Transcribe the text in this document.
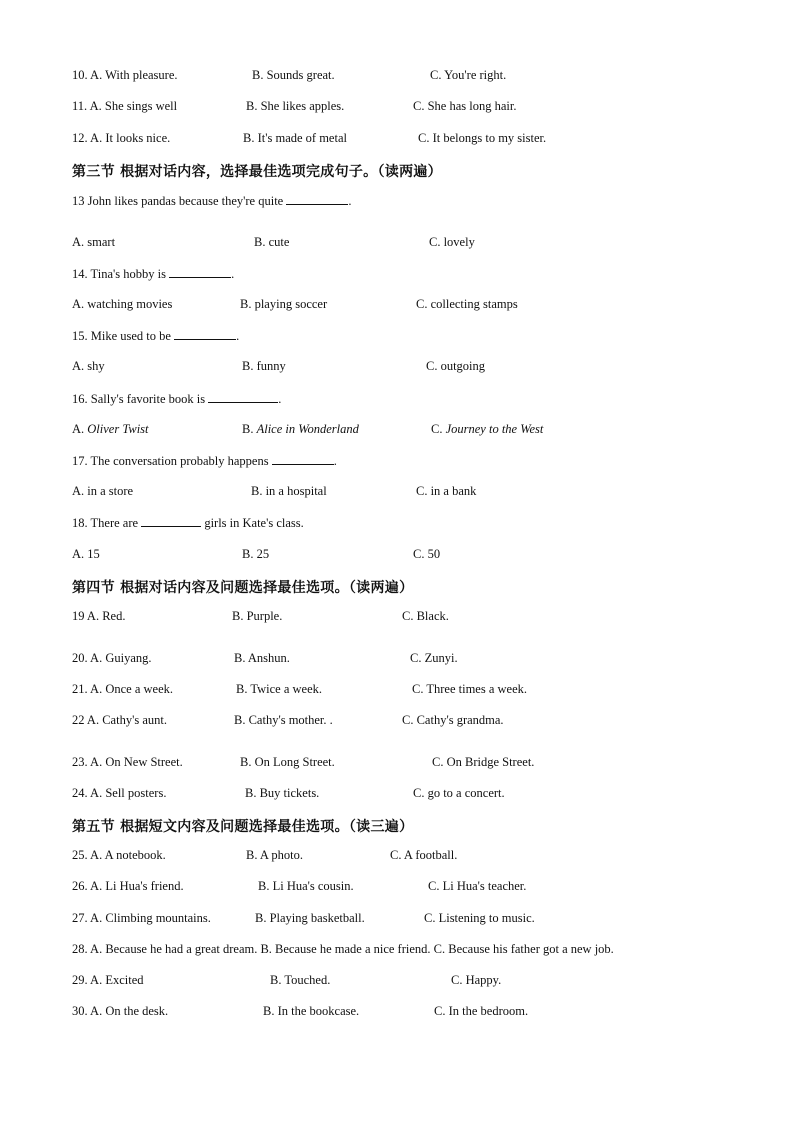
10. A. With pleasure.	B. Sounds great.	C. You're right.
11. A. She sings well	B. She likes apples.	C. She has long hair.
12. A. It looks nice.	B. It's made of metal	C. It belongs to my sister.
第三节 根据对话内容，选择最佳选项完成句子。（读两遍）
13 John likes pandas because they're quite	.
A. smart	B. cute	C. lovely
14. Tina's hobby is	.
A. watching movies	B. playing soccer	C. collecting stamps
15. Mike used to be	.
A. shy	B. funny	C. outgoing
16. Sally's favorite book is	.
A. Oliver Twist	B. Alice in Wonderland	C. Journey to the West
17. The conversation probably happens	.
A. in a store	B. in a hospital	C. in a bank
18. There are	girls in Kate's class.
A. 15	B. 25	C. 50
第四节 根据对话内容及问题选择最佳选项。（读两遍）
19 A. Red.	B. Purple.	C. Black.
20. A. Guiyang.	B. Anshun.	C. Zunyi.
21. A. Once a week.	B. Twice a week.	C. Three times a week.
22 A. Cathy's aunt.	B. Cathy's mother. .	C. Cathy's grandma.
23. A. On New Street.	B. On Long Street.	C. On Bridge Street.
24. A. Sell posters.	B. Buy tickets.	C. go to a concert.
第五节 根据短文内容及问题选择最佳选项。（读三遍）
25. A. A notebook.	B. A photo.	C. A football.
26. A. Li Hua's friend.	B. Li Hua's cousin.	C. Li Hua's teacher.
27. A. Climbing mountains.	B. Playing basketball.	C. Listening to music.
28. A. Because he had a great dream. B. Because he made a nice friend. C. Because his father got a new job.
29. A. Excited	B. Touched.	C. Happy.
30. A. On the desk.	B. In the bookcase.	C. In the bedroom.
